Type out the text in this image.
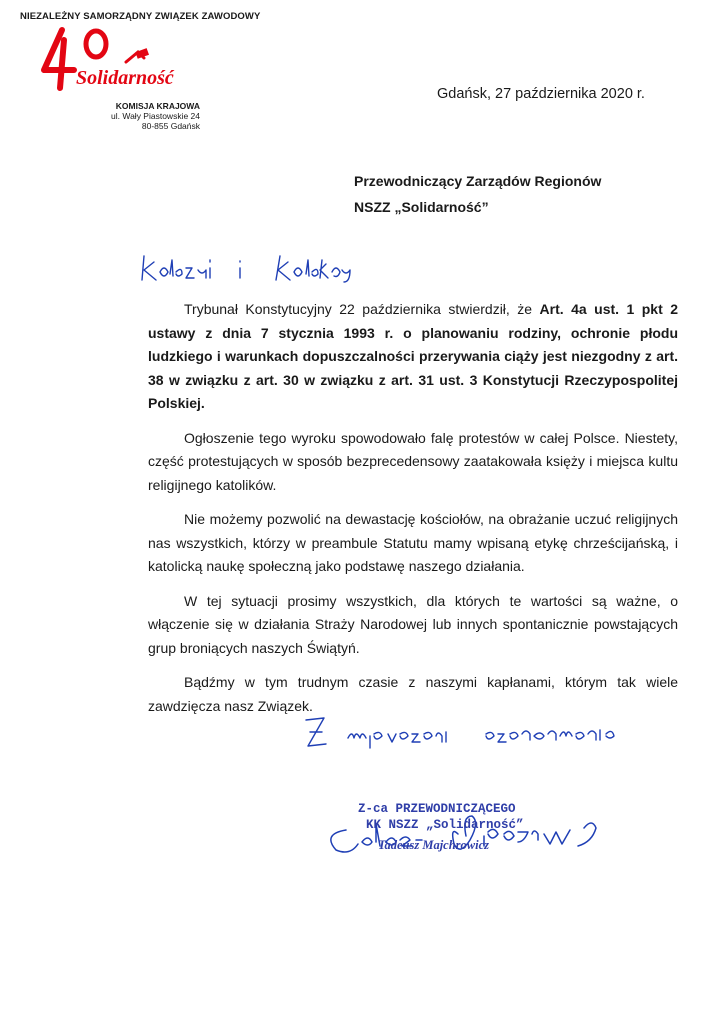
NIEZALEŻNY SAMORZĄDNY ZWIĄZEK ZAWODOWY
Solidarność
KOMISJA KRAJOWA
ul. Wały Piastowskie 24
80-855 Gdańsk
Gdańsk, 27 października 2020 r.
Przewodniczący Zarządów Regionów
NSZZ „Solidarność”

Trybunał Konstytucyjny 22 października stwierdził, że Art. 4a ust. 1 pkt 2 ustawy z dnia 7 stycznia 1993 r. o planowaniu rodziny, ochronie płodu ludzkiego i warunkach dopuszczalności przerywania ciąży jest niezgodny z art. 38 w związku z art. 30 w związku z art. 31 ust. 3 Konstytucji Rzeczypospolitej Polskiej.

Ogłoszenie tego wyroku spowodowało falę protestów w całej Polsce. Niestety, część protestujących w sposób bezprecedensowy zaatakowała księży i miejsca kultu religijnego katolików.

Nie możemy pozwolić na dewastację kościołów, na obrażanie uczuć religijnych nas wszystkich, którzy w preambule Statutu mamy wpisaną etykę chrześcijańską, i katolicką naukę społeczną jako podstawę naszego działania.

W tej sytuacji prosimy wszystkich, dla których te wartości są ważne, o włączenie się w działania Straży Narodowej lub innych spontanicznie powstających grup broniących naszych Świątyń.

Bądźmy w tym trudnym czasie z naszymi kapłanami, którym tak wiele zawdzięcza nasz Związek.

Z-ca PRZEWODNICZĄCEGO
KK NSZZ „Solidarność”
Tadeusz Majchrowicz
